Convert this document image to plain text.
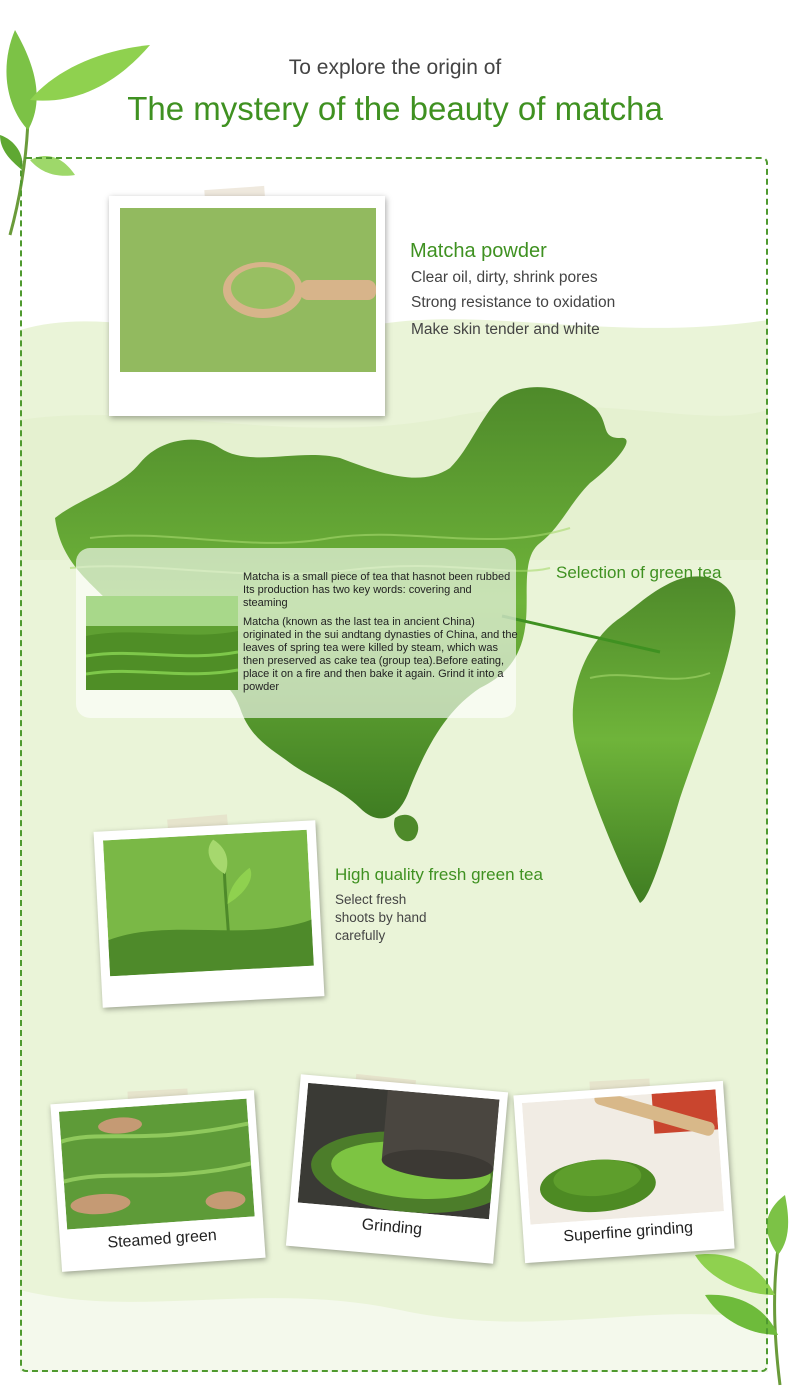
To explore the origin of
The mystery of the beauty of matcha
Matcha powder
Clear oil, dirty, shrink pores
Strong resistance to oxidation
Make skin tender and white
Selection of green tea

Matcha is a small piece of tea that hasnot been rubbed
Its production has two key words: covering and steaming

Matcha (known as the last tea in ancient China) originated in the sui andtang dynasties of China, and the leaves of spring tea were killed by steam, which was then preserved as cake tea (group tea).Before eating, place it on a fire and then bake it again. Grind it into a powder

High quality fresh green tea
Select fresh
shoots by hand
carefully
Steamed green	Grinding	Superfine grinding
